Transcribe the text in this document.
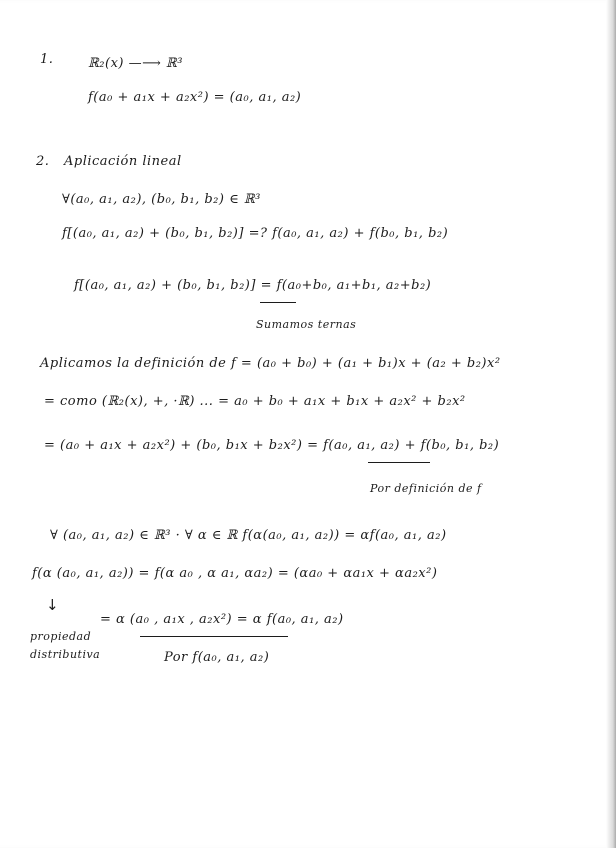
1.	ℝ₂(x) —⟶ ℝ³
f(a₀ + a₁x + a₂x²) = (a₀, a₁, a₂)
2. Aplicación lineal
∀(a₀, a₁, a₂), (b₀, b₁, b₂) ∈ ℝ³
f[(a₀, a₁, a₂) + (b₀, b₁, b₂)] =? f(a₀, a₁, a₂) + f(b₀, b₁, b₂)
f[(a₀, a₁, a₂) + (b₀, b₁, b₂)] = f(a₀+b₀, a₁+b₁, a₂+b₂)
Sumamos ternas
Aplicamos la definición de f = (a₀ + b₀) + (a₁ + b₁)x + (a₂ + b₂)x²
= como (ℝ₂(x), +, ·ℝ) ... = a₀ + b₀ + a₁x + b₁x + a₂x² + b₂x²
= (a₀ + a₁x + a₂x²) + (b₀, b₁x + b₂x²) = f(a₀, a₁, a₂) + f(b₀, b₁, b₂)
Por definición de f
∀ (a₀, a₁, a₂) ∈ ℝ³ · ∀ α ∈ ℝ f(α(a₀, a₁, a₂)) = αf(a₀, a₁, a₂)
f(α (a₀, a₁, a₂)) = f(α a₀ , α a₁, αa₂) = (αa₀ + αa₁x + αa₂x²)
↓
= α (a₀ , a₁x , a₂x²) = α f(a₀, a₁, a₂)
propiedad
distributiva	Por f(a₀, a₁, a₂)
